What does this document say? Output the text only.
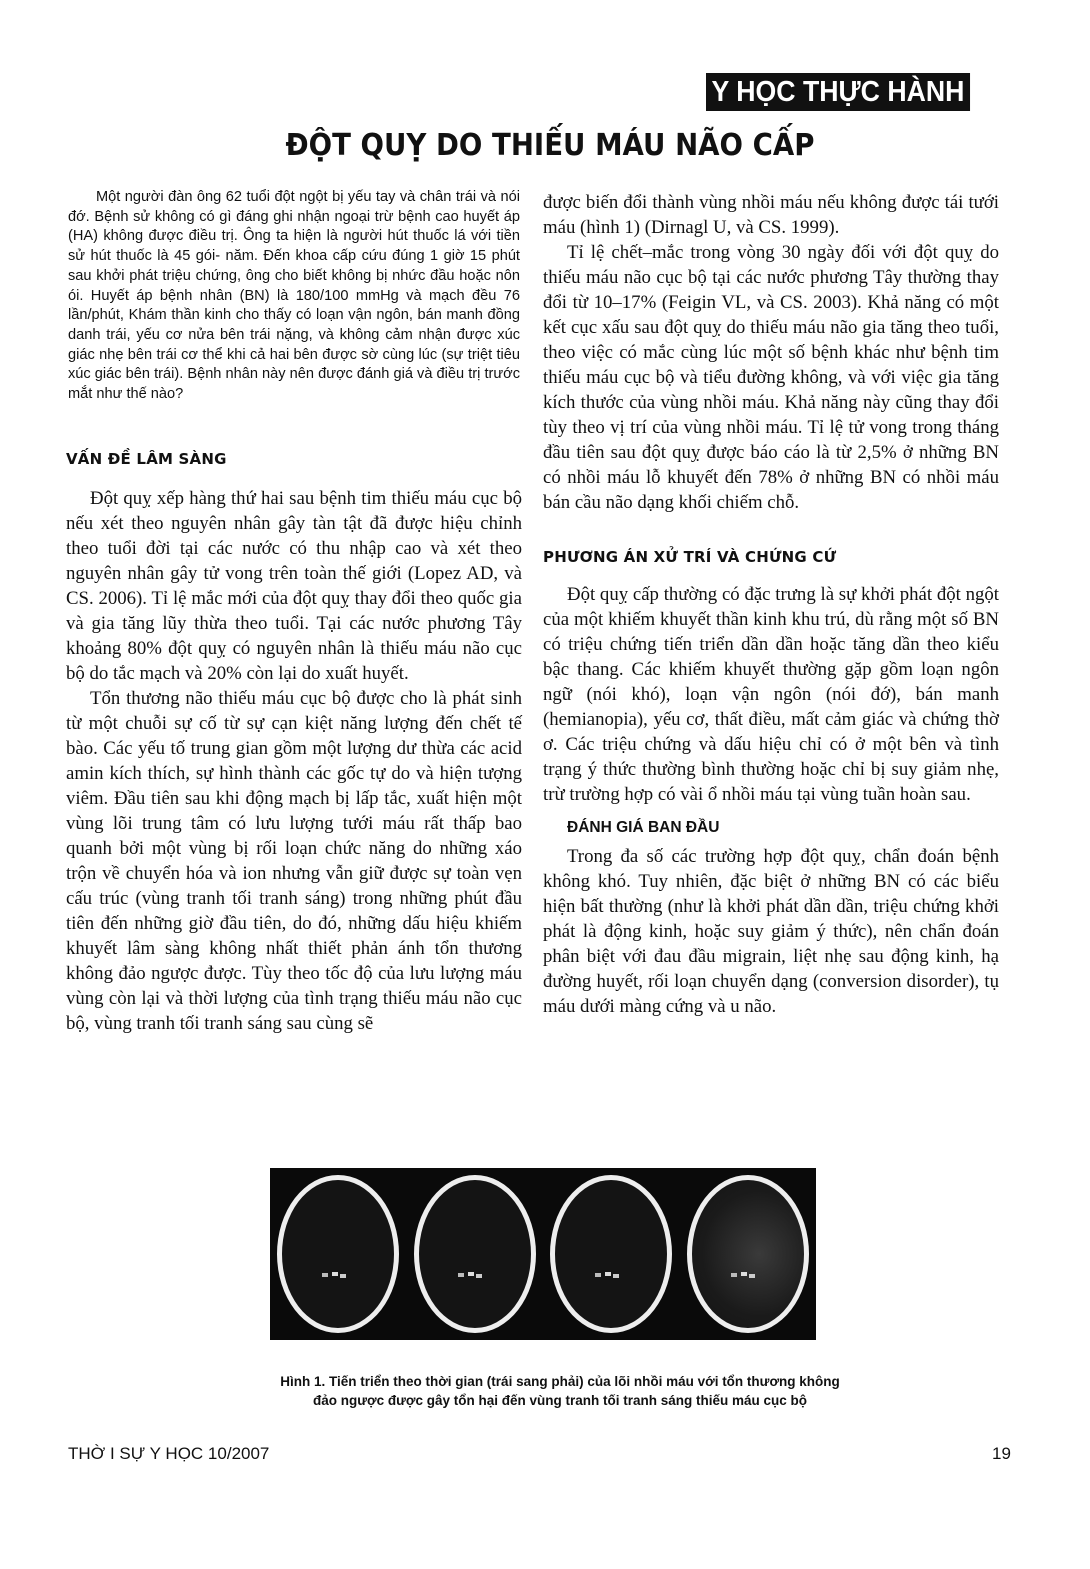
Y HỌC THỰC HÀNH
ĐỘT QUỴ DO THIẾU MÁU NÃO CẤP

Một người đàn ông 62 tuổi đột ngột bị yếu tay và chân trái và nói đớ. Bệnh sử không có gì đáng ghi nhận ngoại trừ bệnh cao huyết áp (HA) không được điều trị. Ông ta hiện là người hút thuốc lá với tiền sử hút thuốc là 45 gói- năm. Đến khoa cấp cứu đúng 1 giờ 15 phút sau khởi phát triệu chứng, ông cho biết không bị nhức đầu hoặc nôn ói. Huyết áp bệnh nhân (BN) là 180/100 mmHg và mạch đều 76 lần/phút, Khám thần kinh cho thấy có loạn vận ngôn, bán manh đồng danh trái, yếu cơ nửa bên trái nặng, và không cảm nhận được xúc giác nhẹ bên trái cơ thể khi cả hai bên được sờ cùng lúc (sự triệt tiêu xúc giác bên trái). Bệnh nhân này nên được đánh giá và điều trị trước mắt như thế nào?

VẤN ĐỀ LÂM SÀNG

Đột quỵ xếp hàng thứ hai sau bệnh tim thiếu máu cục bộ nếu xét theo nguyên nhân gây tàn tật đã được hiệu chỉnh theo tuổi đời tại các nước có thu nhập cao và xét theo nguyên nhân gây tử vong trên toàn thế giới (Lopez AD, và CS. 2006). Tỉ lệ mắc mới của đột quỵ thay đổi theo quốc gia và gia tăng lũy thừa theo tuổi. Tại các nước phương Tây khoảng 80% đột quỵ có nguyên nhân là thiếu máu não cục bộ do tắc mạch và 20% còn lại do xuất huyết.

Tổn thương não thiếu máu cục bộ được cho là phát sinh từ một chuỗi sự cố từ sự cạn kiệt năng lượng đến chết tế bào. Các yếu tố trung gian gồm một lượng dư thừa các acid amin kích thích, sự hình thành các gốc tự do và hiện tượng viêm. Đầu tiên sau khi động mạch bị lấp tắc, xuất hiện một vùng lõi trung tâm có lưu lượng tưới máu rất thấp bao quanh bởi một vùng bị rối loạn chức năng do những xáo trộn về chuyển hóa và ion nhưng vẫn giữ được sự toàn vẹn cấu trúc (vùng tranh tối tranh sáng) trong những phút đầu tiên đến những giờ đầu tiên, do đó, những dấu hiệu khiếm khuyết lâm sàng không nhất thiết phản ánh tổn thương không đảo ngược được. Tùy theo tốc độ của lưu lượng máu vùng còn lại và thời lượng của tình trạng thiếu máu não cục bộ, vùng tranh tối tranh sáng sau cùng sẽ

được biến đổi thành vùng nhồi máu nếu không được tái tưới máu (hình 1) (Dirnagl U, và CS. 1999).

Tỉ lệ chết–mắc trong vòng 30 ngày đối với đột quỵ do thiếu máu não cục bộ tại các nước phương Tây thường thay đổi từ 10–17% (Feigin VL, và CS. 2003). Khả năng có một kết cục xấu sau đột quỵ do thiếu máu não gia tăng theo tuổi, theo việc có mắc cùng lúc một số bệnh khác như bệnh tim thiếu máu cục bộ và tiểu đường không, và với việc gia tăng kích thước của vùng nhồi máu. Khả năng này cũng thay đổi tùy theo vị trí của vùng nhồi máu. Tỉ lệ tử vong trong tháng đầu tiên sau đột quỵ được báo cáo là từ 2,5% ở những BN có nhồi máu lỗ khuyết đến 78% ở những BN có nhồi máu bán cầu não dạng khối chiếm chỗ.

PHƯƠNG ÁN XỬ TRÍ VÀ CHỨNG CỨ

Đột quỵ cấp thường có đặc trưng là sự khởi phát đột ngột của một khiếm khuyết thần kinh khu trú, dù rằng một số BN có triệu chứng tiến triển dần dần hoặc tăng dần theo kiểu bậc thang. Các khiếm khuyết thường gặp gồm loạn ngôn ngữ (nói khó), loạn vận ngôn (nói đớ), bán manh (hemianopia), yếu cơ, thất điều, mất cảm giác và chứng thờ ơ. Các triệu chứng và dấu hiệu chỉ có ở một bên và tình trạng ý thức thường bình thường hoặc chỉ bị suy giảm nhẹ, trừ trường hợp có vài ổ nhồi máu tại vùng tuần hoàn sau.

ĐÁNH GIÁ BAN ĐẦU

Trong đa số các trường hợp đột quỵ, chẩn đoán bệnh không khó. Tuy nhiên, đặc biệt ở những BN có các biểu hiện bất thường (như là khởi phát dần dần, triệu chứng khởi phát là động kinh, hoặc suy giảm ý thức), nên chẩn đoán phân biệt với đau đầu migrain, liệt nhẹ sau động kinh, hạ đường huyết, rối loạn chuyển dạng (conversion disorder), tụ máu dưới màng cứng và u não.

Hình 1. Tiến triển theo thời gian (trái sang phải) của lõi nhồi máu với tổn thương không
đảo ngược được gây tổn hại đến vùng tranh tối tranh sáng thiếu máu cục bộ
THỜ I SỰ Y HỌC 10/2007	19
